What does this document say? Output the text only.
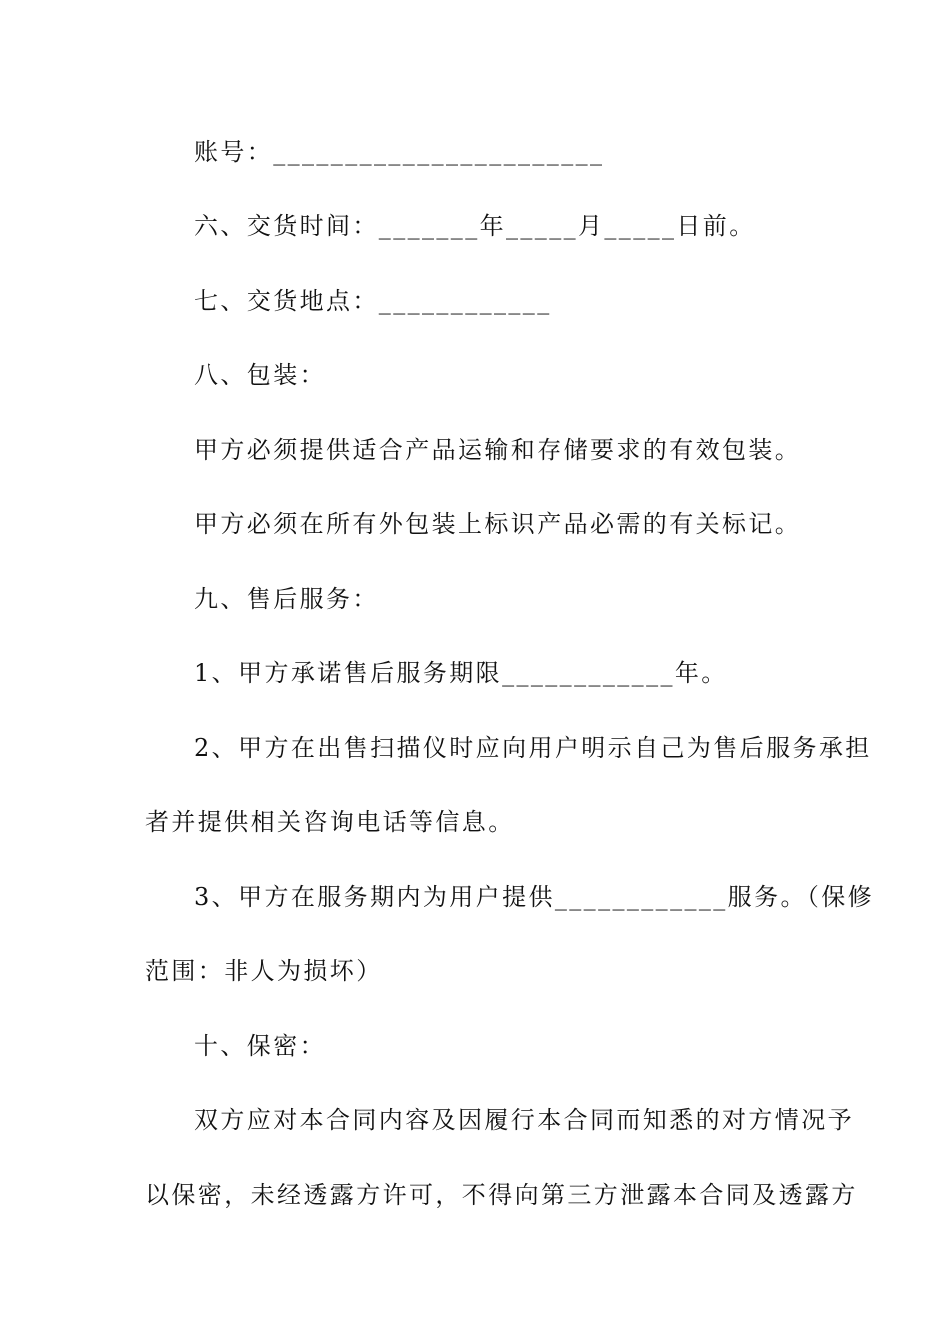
账号：_______________________
六、交货时间：_______年_____月_____日前。
七、交货地点：____________
八、包装：
甲方必须提供适合产品运输和存储要求的有效包装。
甲方必须在所有外包装上标识产品必需的有关标记。
九、售后服务：
1、甲方承诺售后服务期限____________年。
2、甲方在出售扫描仪时应向用户明示自己为售后服务承担
者并提供相关咨询电话等信息。
3、甲方在服务期内为用户提供____________服务。（保修
范围：非人为损坏）
十、保密：
双方应对本合同内容及因履行本合同而知悉的对方情况予
以保密，未经透露方许可，不得向第三方泄露本合同及透露方
